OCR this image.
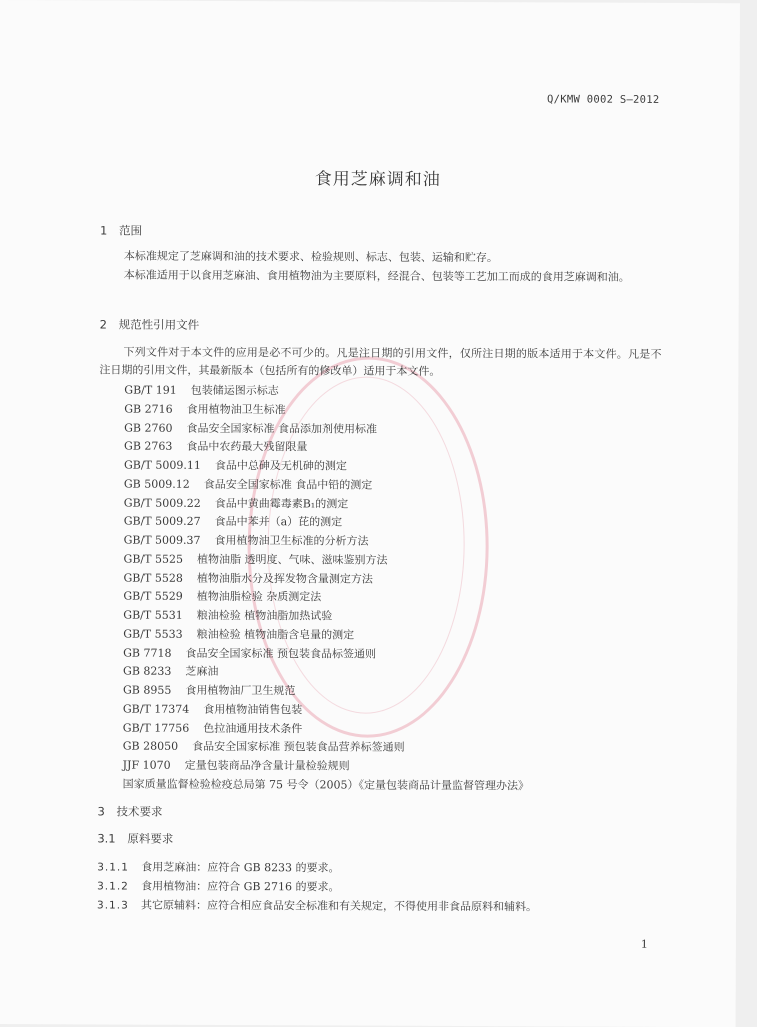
Q/KMW 0002 S—2012
食用芝麻调和油
1 范围
本标准规定了芝麻调和油的技术要求、检验规则、标志、包装、运输和贮存。
本标准适用于以食用芝麻油、食用植物油为主要原料，经混合、包装等工艺加工而成的食用芝麻调和油。
2 规范性引用文件
下列文件对于本文件的应用是必不可少的。凡是注日期的引用文件，仅所注日期的版本适用于本文件。凡是不注日期的引用文件，其最新版本（包括所有的修改单）适用于本文件。
GB/T 191 包装储运图示标志
GB 2716 食用植物油卫生标准
GB 2760 食品安全国家标准 食品添加剂使用标准
GB 2763 食品中农药最大残留限量
GB/T 5009.11 食品中总砷及无机砷的测定
GB 5009.12 食品安全国家标准 食品中铅的测定
GB/T 5009.22 食品中黄曲霉毒素B₁的测定
GB/T 5009.27 食品中苯并（a）芘的测定
GB/T 5009.37 食用植物油卫生标准的分析方法
GB/T 5525 植物油脂 透明度、气味、滋味鉴别方法
GB/T 5528 植物油脂水分及挥发物含量测定方法
GB/T 5529 植物油脂检验 杂质测定法
GB/T 5531 粮油检验 植物油脂加热试验
GB/T 5533 粮油检验 植物油脂含皂量的测定
GB 7718 食品安全国家标准 预包装食品标签通则
GB 8233 芝麻油
GB 8955 食用植物油厂卫生规范
GB/T 17374 食用植物油销售包装
GB/T 17756 色拉油通用技术条件
GB 28050 食品安全国家标准 预包装食品营养标签通则
JJF 1070 定量包装商品净含量计量检验规则
国家质量监督检验检疫总局第 75 号令（2005）《定量包装商品计量监督管理办法》
3 技术要求
3.1 原料要求
3.1.1 食用芝麻油：应符合 GB 8233 的要求。
3.1.2 食用植物油：应符合 GB 2716 的要求。
3.1.3 其它原辅料：应符合相应食品安全标准和有关规定，不得使用非食品原料和辅料。
1
